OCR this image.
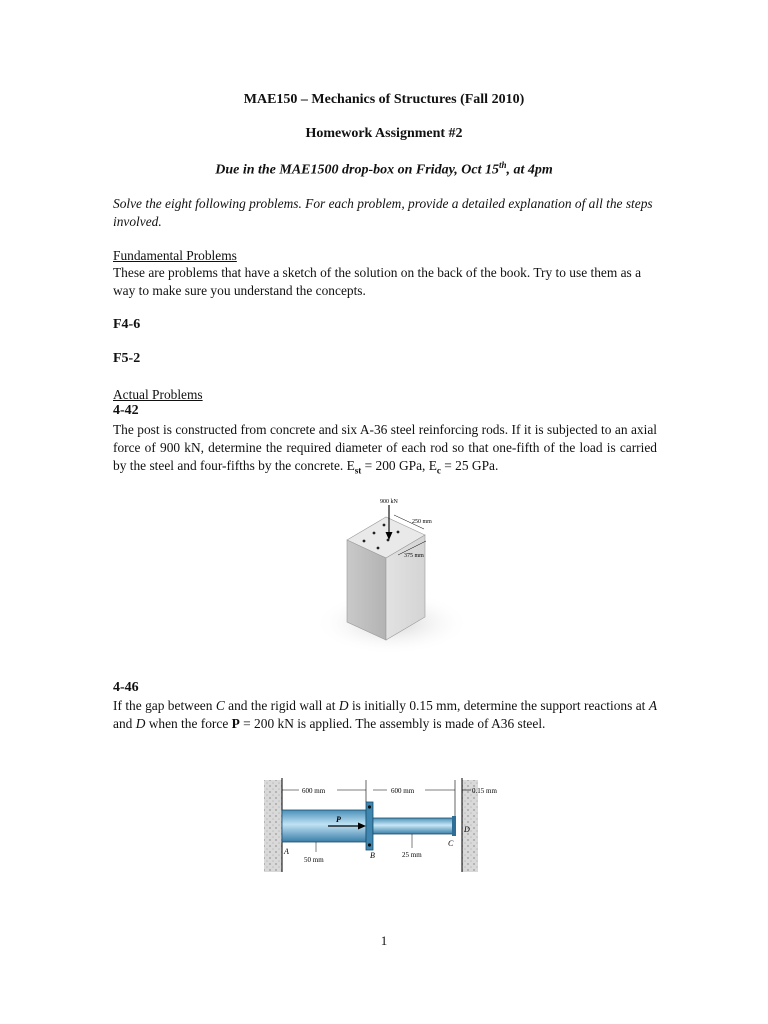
MAE150 – Mechanics of Structures (Fall 2010)
Homework Assignment #2
Due in the MAE1500 drop-box on Friday, Oct 15th, at 4pm
Solve the eight following problems. For each problem, provide a detailed explanation of all the steps involved.
Fundamental Problems
These are problems that have a sketch of the solution on the back of the book. Try to use them as a way to make sure you understand the concepts.
F4-6
F5-2
Actual Problems
4-42
The post is constructed from concrete and six A-36 steel reinforcing rods. If it is subjected to an axial force of 900 kN, determine the required diameter of each rod so that one-fifth of the load is carried by the steel and four-fifths by the concrete. $E_{st} = 200$ GPa, $E_c = 25$ GPa.
900 kN
250 mm
375 mm
4-46
If the gap between C and the rigid wall at D is initially 0.15 mm, determine the support reactions at A and D when the force P = 200 kN is applied. The assembly is made of A36 steel.
P
600 mm	600 mm	0.15 mm
A	B
C
D
50 mm
25 mm
1
